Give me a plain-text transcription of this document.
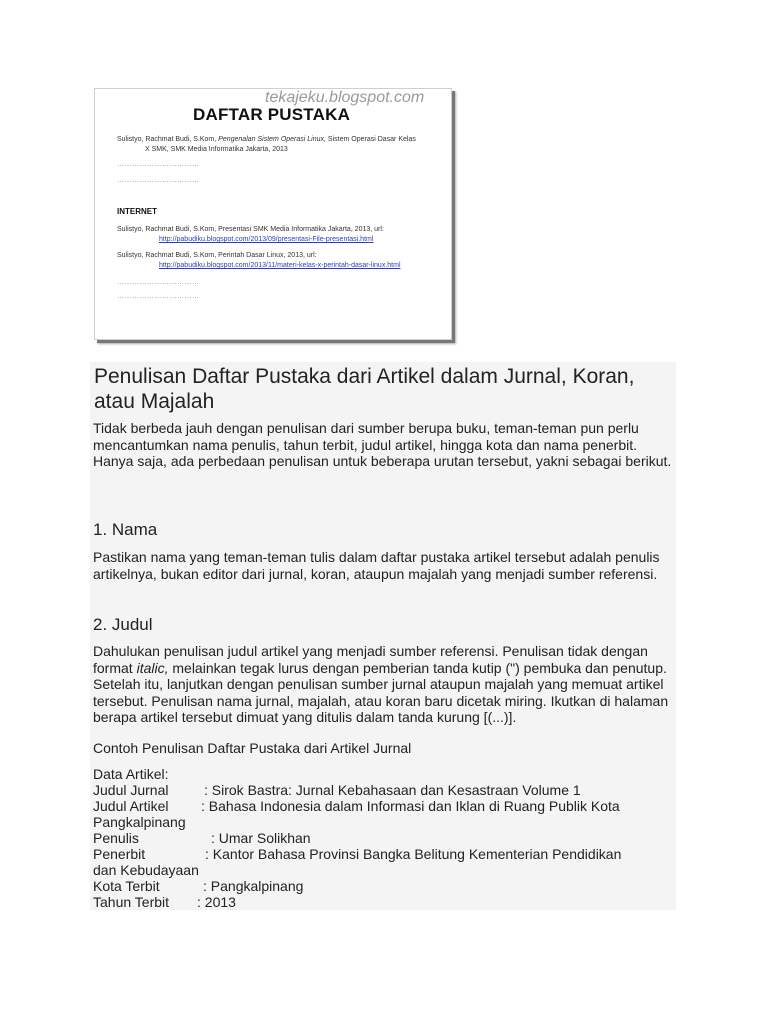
tekajeku.blogspot.com
DAFTAR PUSTAKA
Sulistyo, Rachmat Budi, S.Kom, Pengenalan Sistem Operasi Linux, Sistem Operasi Dasar Kelas
X SMK, SMK Media Informatika Jakarta, 2013
……………………………
……………………………
INTERNET
Sulistyo, Rachmat Budi, S.Kom, Presentasi SMK Media Informatika Jakarta, 2013, url:
http://pabudiku.blogspot.com/2013/09/presentasi-File-presentasi.html
Sulistyo, Rachmat Budi, S.Kom, Perintah Dasar Linux, 2013, url:
http://pabudiku.blogspot.com/2013/11/materi-kelas-x-perintah-dasar-linux.html
……………………………
……………………………
Penulisan Daftar Pustaka dari Artikel dalam Jurnal, Koran, atau Majalah

Tidak berbeda jauh dengan penulisan dari sumber berupa buku, teman-teman pun perlu mencantumkan nama penulis, tahun terbit, judul artikel, hingga kota dan nama penerbit. Hanya saja, ada perbedaan penulisan untuk beberapa urutan tersebut, yakni sebagai berikut.

1. Nama

Pastikan nama yang teman-teman tulis dalam daftar pustaka artikel tersebut adalah penulis artikelnya, bukan editor dari jurnal, koran, ataupun majalah yang menjadi sumber referensi.

2. Judul

Dahulukan penulisan judul artikel yang menjadi sumber referensi. Penulisan tidak dengan format italic, melainkan tegak lurus dengan pemberian tanda kutip (") pembuka dan penutup. Setelah itu, lanjutkan dengan penulisan sumber jurnal ataupun majalah yang memuat artikel tersebut. Penulisan nama jurnal, majalah, atau koran baru dicetak miring. Ikutkan di halaman berapa artikel tersebut dimuat yang ditulis dalam tanda kurung [(...)].

Contoh Penulisan Daftar Pustaka dari Artikel Jurnal

Data Artikel:
Judul Jurnal	: Sirok Bastra: Jurnal Kebahasaan dan Kesastraan Volume 1
Judul Artikel : Bahasa Indonesia dalam Informasi dan Iklan di Ruang Publik Kota
Pangkalpinang
Penulis	: Umar Solikhan
Penerbit	: Kantor Bahasa Provinsi Bangka Belitung Kementerian Pendidikan
dan Kebudayaan
Kota Terbit	: Pangkalpinang
Tahun Terbit : 2013
